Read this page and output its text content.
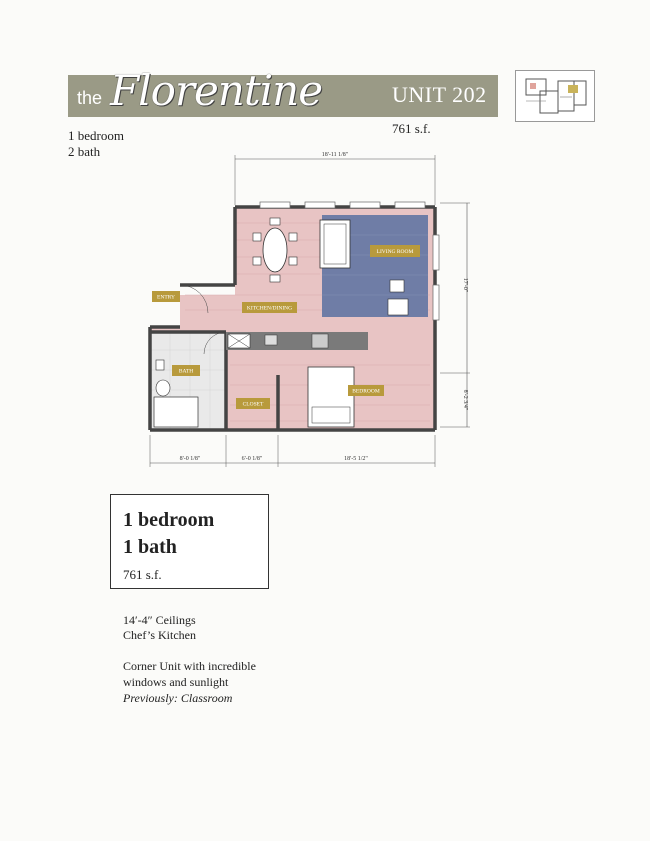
the Florentine	UNIT 202
761 s.f.
1 bedroom
2 bath	18'-11 1/8"
17'-0"
8'-2 3/4"
8'-0 1/8"	6'-0 1/8"	18'-5 1/2"
LIVING ROOM
ENTRY
KITCHEN/DINING
BATH
CLOSET
BEDROOM
1 bedroom
1 bath
761 s.f.
14′-4″ Ceilings
Chef’s Kitchen
Corner Unit with incredible
windows and sunlight
Previously: Classroom
